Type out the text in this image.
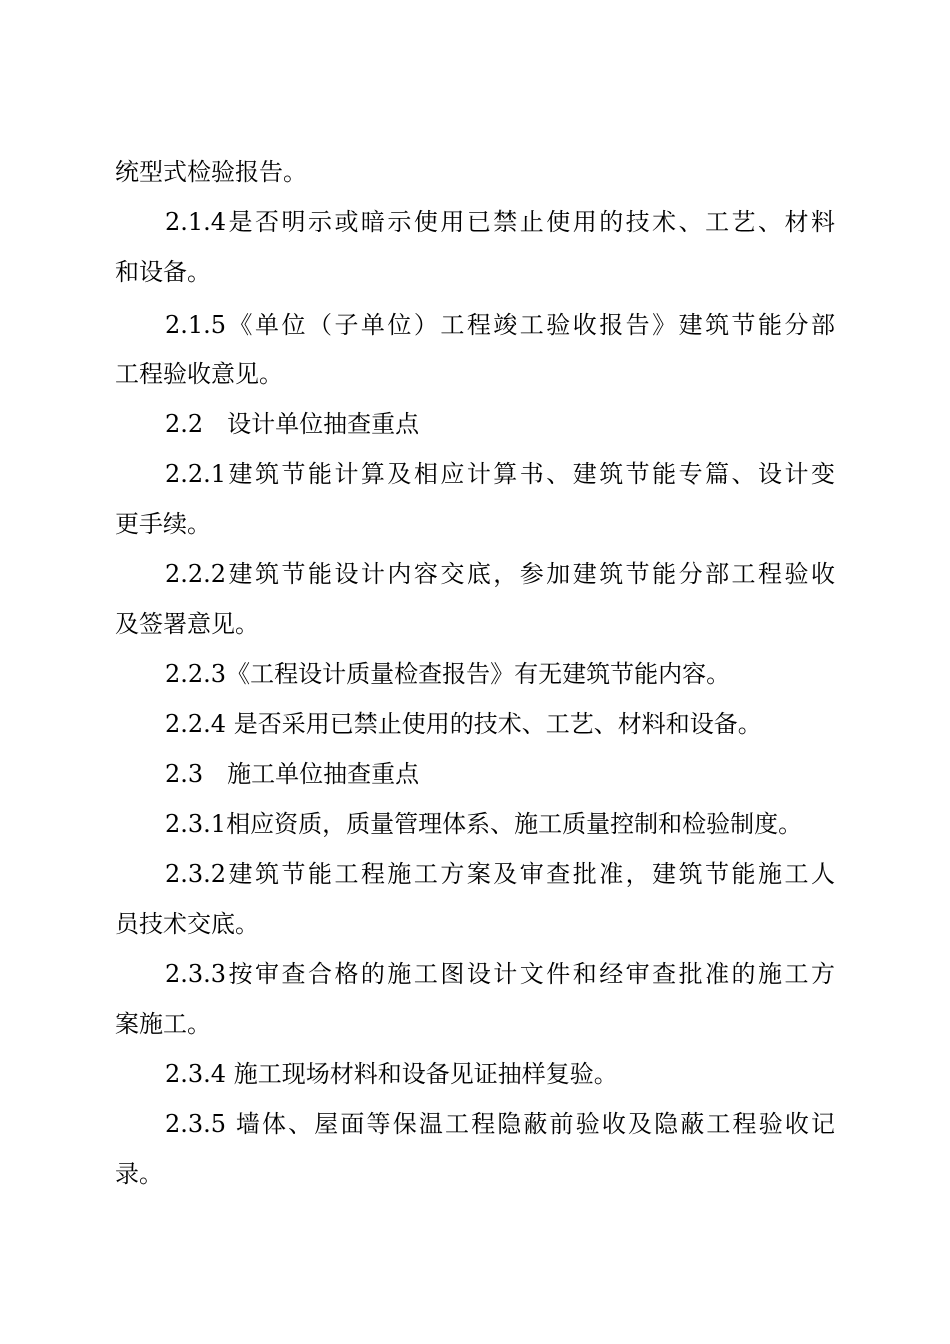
统型式检验报告。
2.1.4是否明示或暗示使用已禁止使用的技术、工艺、材料
和设备。
2.1.5《单位（子单位）工程竣工验收报告》建筑节能分部
工程验收意见。
2.2　设计单位抽查重点
2.2.1建筑节能计算及相应计算书、建筑节能专篇、设计变
更手续。
2.2.2建筑节能设计内容交底，参加建筑节能分部工程验收
及签署意见。
2.2.3《工程设计质量检查报告》有无建筑节能内容。
2.2.4 是否采用已禁止使用的技术、工艺、材料和设备。
2.3　施工单位抽查重点
2.3.1相应资质，质量管理体系、施工质量控制和检验制度。
2.3.2建筑节能工程施工方案及审查批准，建筑节能施工人
员技术交底。
2.3.3按审查合格的施工图设计文件和经审查批准的施工方
案施工。
2.3.4 施工现场材料和设备见证抽样复验。
2.3.5 墙体、屋面等保温工程隐蔽前验收及隐蔽工程验收记
录。
